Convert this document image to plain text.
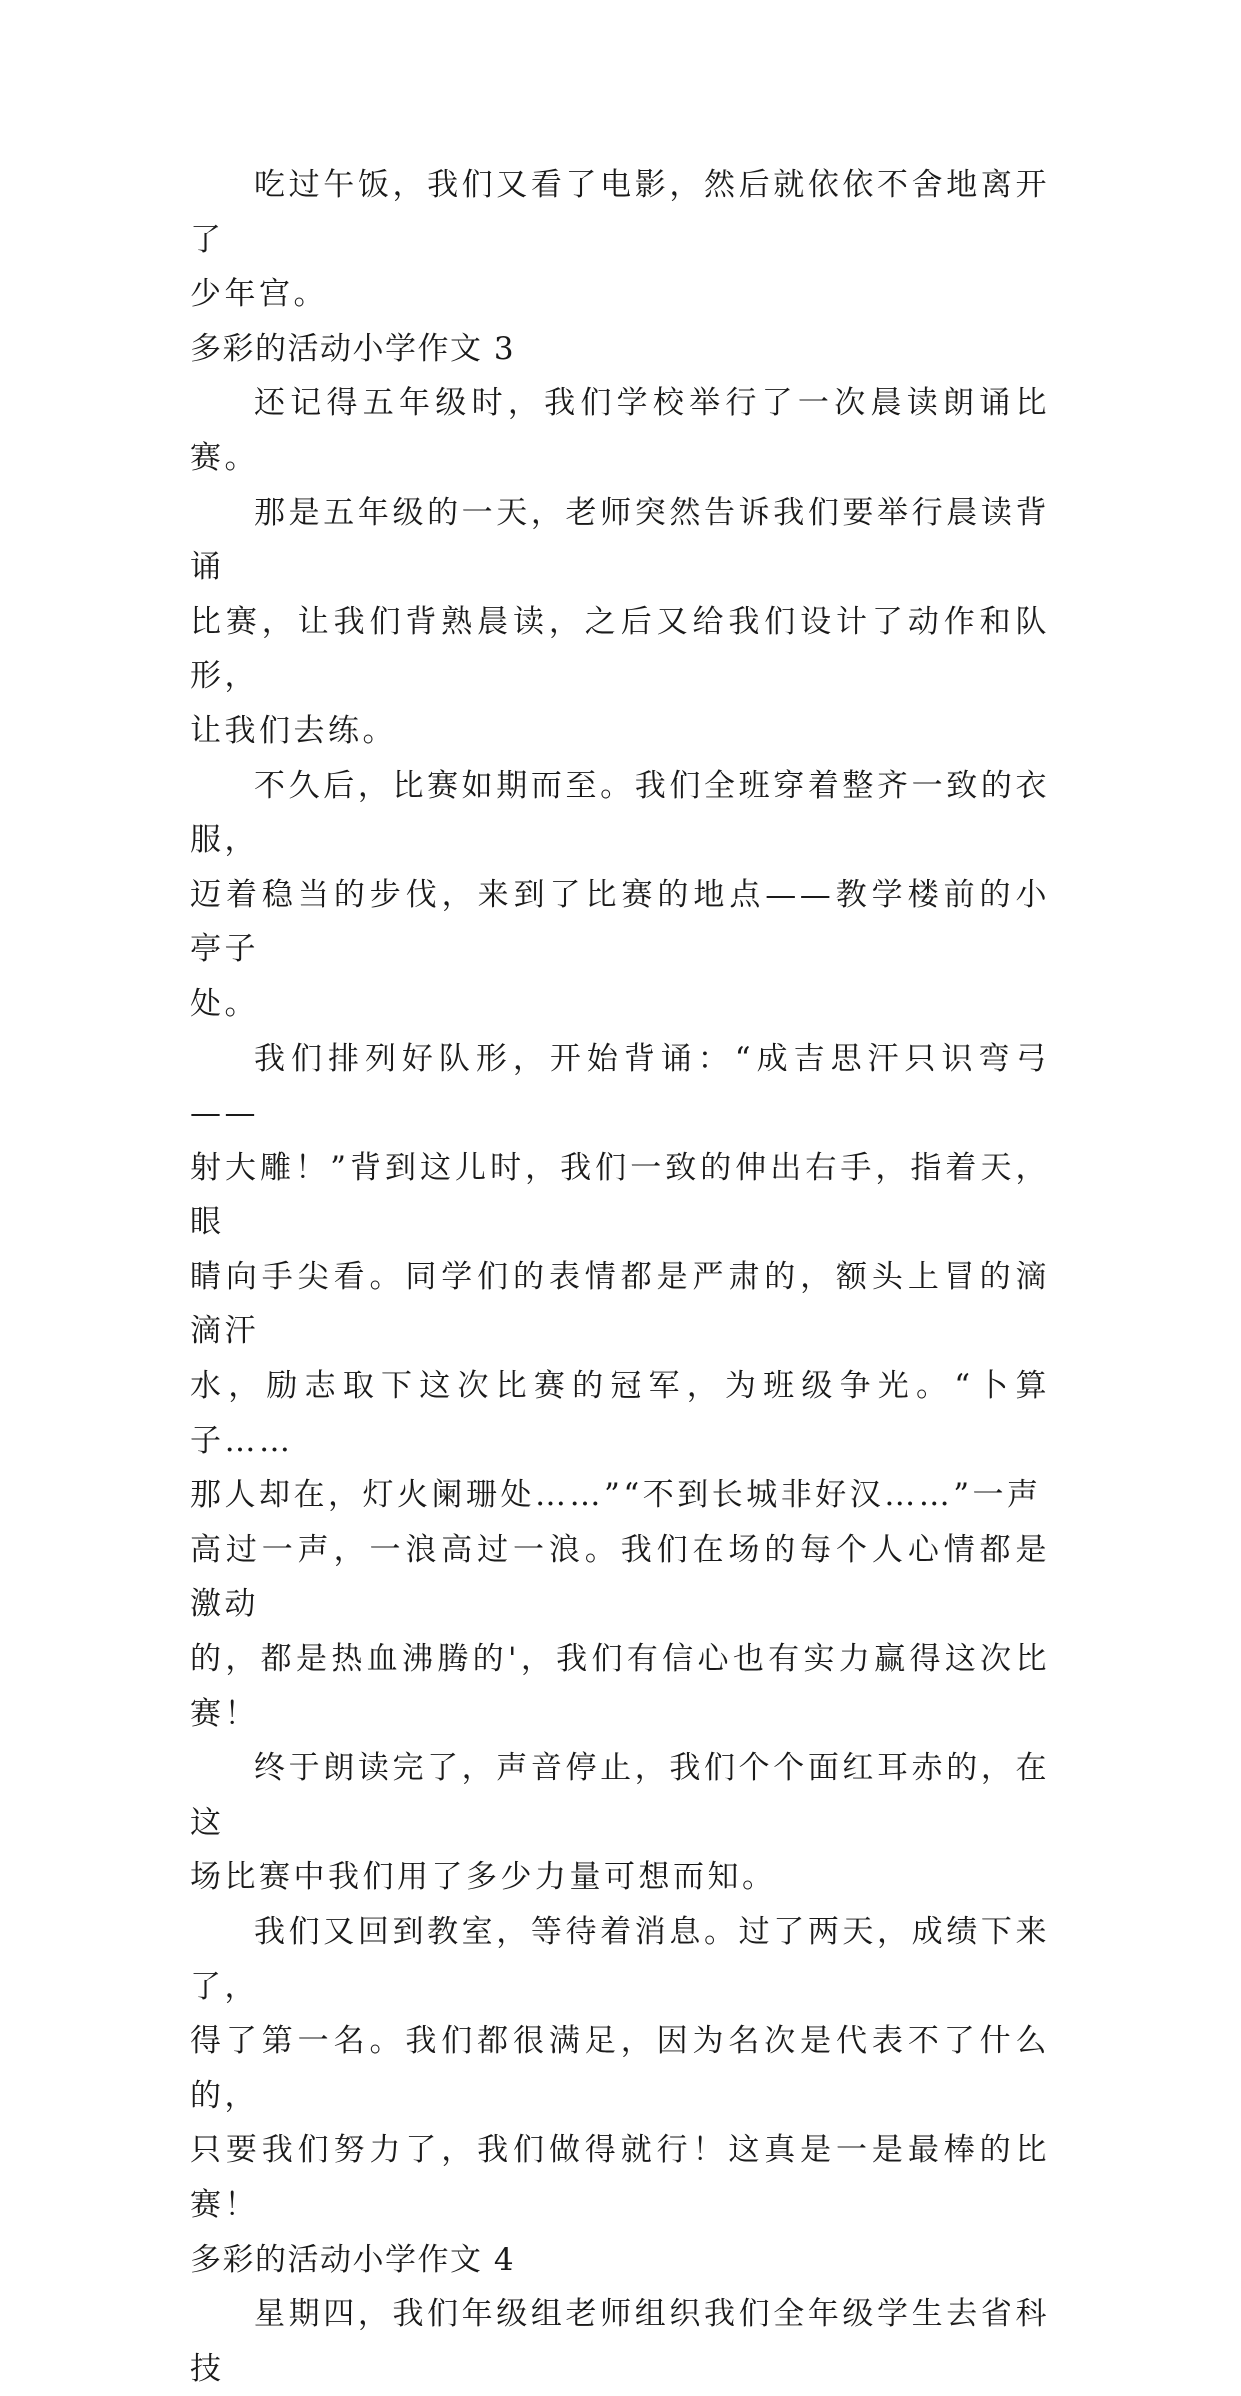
吃过午饭，我们又看了电影，然后就依依不舍地离开了
少年宫。

多彩的活动小学作文 3

还记得五年级时，我们学校举行了一次晨读朗诵比赛。

那是五年级的一天，老师突然告诉我们要举行晨读背诵
比赛，让我们背熟晨读，之后又给我们设计了动作和队形，
让我们去练。

不久后，比赛如期而至。我们全班穿着整齐一致的衣服，
迈着稳当的步伐，来到了比赛的地点——教学楼前的小亭子
处。

我们排列好队形，开始背诵：“成吉思汗只识弯弓——
射大雕！”背到这儿时，我们一致的伸出右手，指着天，眼
睛向手尖看。同学们的表情都是严肃的，额头上冒的滴滴汗
水，励志取下这次比赛的冠军，为班级争光。“卜算子……
那人却在，灯火阑珊处……”“不到长城非好汉……”一声
高过一声，一浪高过一浪。我们在场的每个人心情都是激动
的，都是热血沸腾的'，我们有信心也有实力赢得这次比赛！

终于朗读完了，声音停止，我们个个面红耳赤的，在这
场比赛中我们用了多少力量可想而知。

我们又回到教室，等待着消息。过了两天，成绩下来了，
得了第一名。我们都很满足，因为名次是代表不了什么的，
只要我们努力了，我们做得就行！这真是一是最棒的比赛！

多彩的活动小学作文 4

星期四，我们年级组老师组织我们全年级学生去省科技
